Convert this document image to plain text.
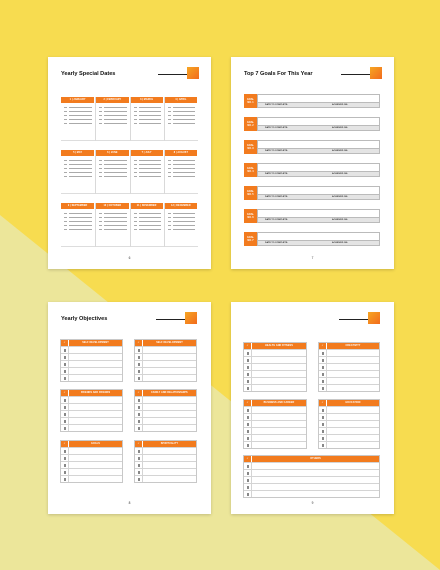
Yearly Special Dates
1 | JANUARY	2 | FEBRUARY	3 | MARCH	4 | APRIL
5 | MAY	6 | JUNE	7 | JULY	8 | AUGUST
9 | SEPTEMBER	10 | OCTOBER	11 | NOVEMBER	12 | DECEMBER
6
Top 7 Goals For This Year
GOAL
NO. 1
DATE TO COMPLETE:	ACHIEVED ON:
GOAL
NO. 2
DATE TO COMPLETE:	ACHIEVED ON:
GOAL
NO. 3
DATE TO COMPLETE:	ACHIEVED ON:
GOAL
NO. 4
DATE TO COMPLETE:	ACHIEVED ON:
GOAL
NO. 5
DATE TO COMPLETE:	ACHIEVED ON:
GOAL
NO. 6
DATE TO COMPLETE:	ACHIEVED ON:
GOAL
NO. 7
DATE TO COMPLETE:	ACHIEVED ON:
7
Yearly Objectives
✓	SELF DEVELOPMENT	✓	SELF DEVELOPMENT
✓	FRIENDS AND FRIENDS	✓	FAMILY AND RELATIONSHIPS
✓	GOALS	✓	SPIRITUALITY
8
✓	HEALTH AND FITNESS	✓	CREATIVITY
✓	BUSINESS AND CAREER	✓	EDUCATION
✓	OTHERS
9
